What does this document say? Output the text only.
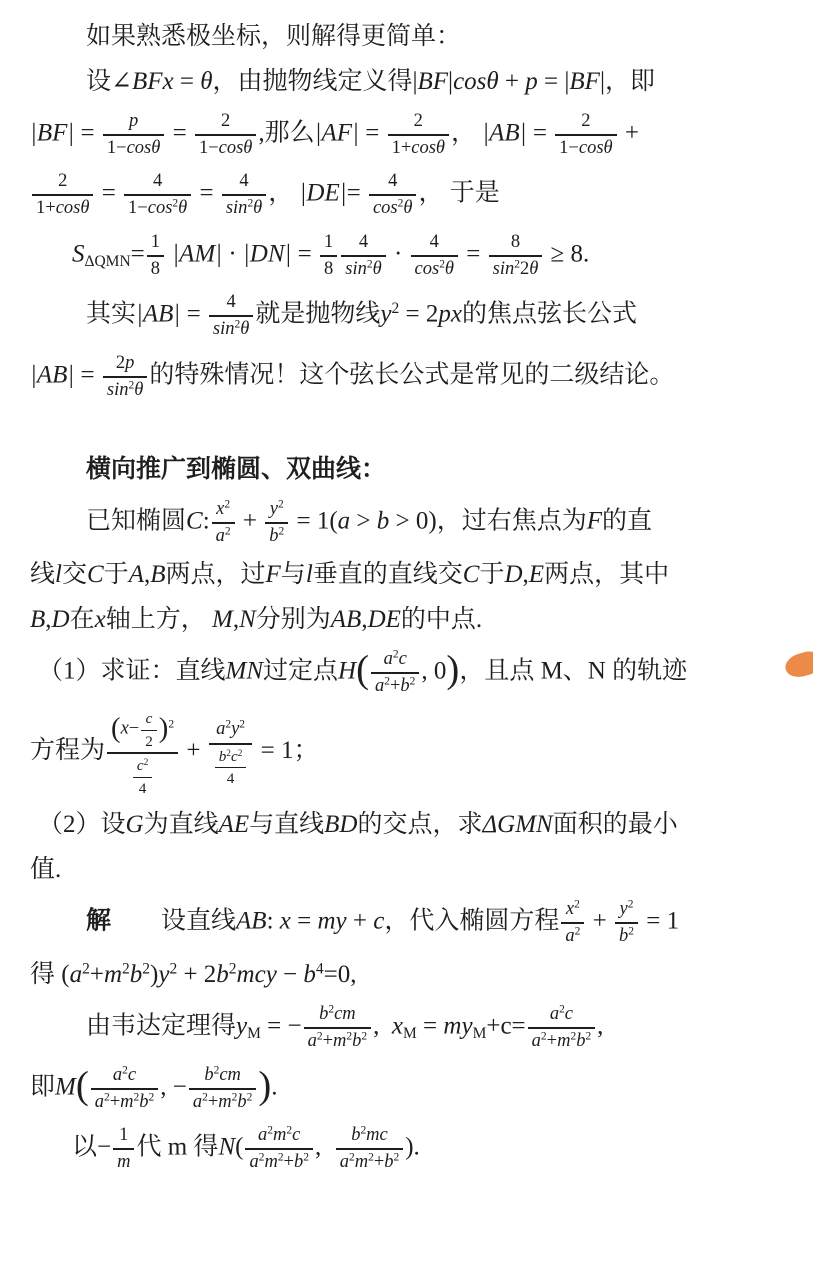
如果熟悉极坐标，则解得更简单：
设∠BFx = θ，由抛物线定义得|BF|cosθ + p = |BF|，即
$|BF| = \frac{p}{1-\cos\theta} = \frac{2}{1-\cos\theta}$ ,那么$|AF| = \frac{2}{1+\cos\theta}$ ， $|AB| = \frac{2}{1-\cos\theta}$ +
$\frac{2}{1+\cos\theta} = \frac{4}{1-\cos^2\theta} = \frac{4}{\sin^2\theta}$ ， $|DE|= \frac{4}{\cos^2\theta}$ ， 于是
$S_{\Delta QMN}= \frac{1}{8} |AM| \cdot |DN| = \frac{1}{8} \frac{4}{\sin^2\theta} \cdot \frac{4}{\cos^2\theta} = \frac{8}{\sin^22\theta} \ge 8$.
其实$|AB| = \frac{4}{\sin^2\theta}$ 就是抛物线$y^2 = 2px$的焦点弦长公式
$|AB| = \frac{2p}{\sin^2\theta}$ 的特殊情况！这个弦长公式是常见的二级结论。
横向推广到椭圆、双曲线：
已知椭圆C: $\frac{x^2}{a^2} + \frac{y^2}{b^2} = 1(a > b > 0)$，过右焦点为F的直
线l交C于A,B两点，过F与l垂直的直线交C于D,E两点，其中
B,D在x轴上方， M,N分别为AB,DE的中点.
（1）求证：直线MN过定点$H( \frac{a^2c}{a^2+b^2}$ , 0)，且点 M、N 的轨迹
方程为 $\frac{(x- \frac{c}{2} )^2}{\frac{c^2}{4}} + \frac{a^2y^2}{\frac{b^2c^2}{4}} = 1$；
（2）设G为直线AE与直线BD的交点，求ΔGMN面积的最小
值.
解　　设直线AB: x = my + c，代入椭圆方程 $\frac{x^2}{a^2} + \frac{y^2}{b^2} = 1$
得 $(a^2+m^2b^2)y^2 + 2b^2mcy - b^4=0$,
由韦达定理得$y_M$ = − $\frac{b^2cm}{a^2+m^2b^2}$ ,  $x_M = my_M+c= \frac{a^2c}{a^2+m^2b^2}$ ,
即$M( \frac{a^2c}{a^2+m^2b^2}$ , − $\frac{b^2cm}{a^2+m^2b^2}$ ).
以− $\frac{1}{m}$ 代 m 得$N( \frac{a^2m^2c}{a^2m^2+b^2}$ , $\frac{b^2mc}{a^2m^2+b^2}$ ).
